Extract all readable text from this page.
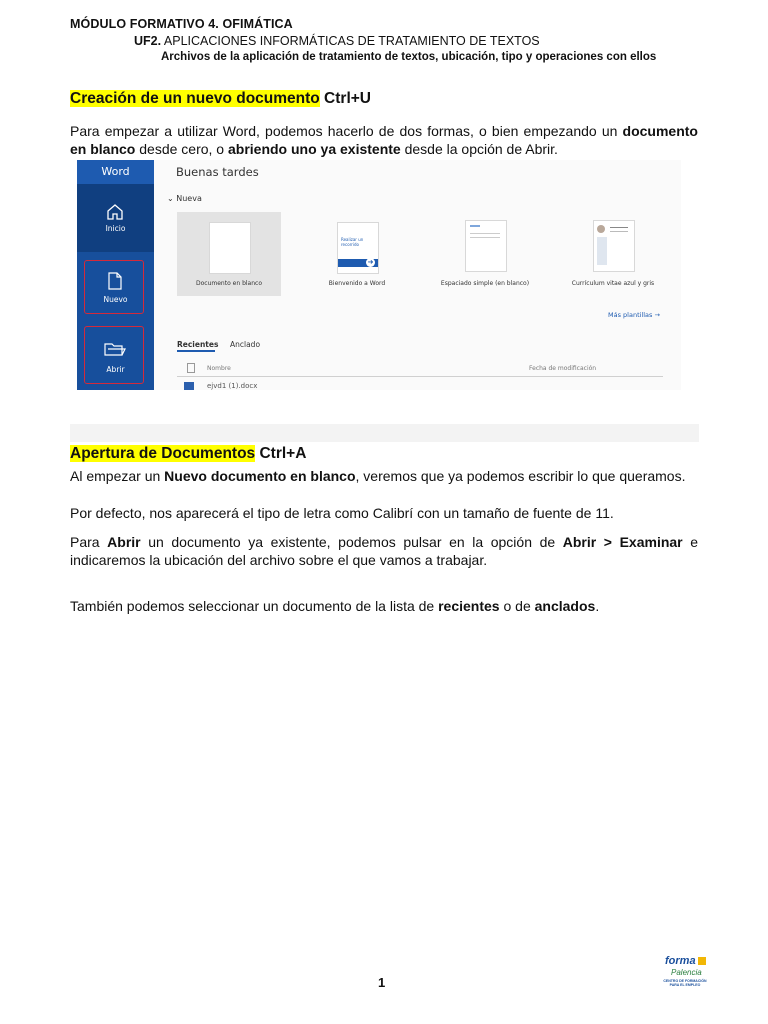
MÓDULO FORMATIVO 4. OFIMÁTICA
UF2. APLICACIONES INFORMÁTICAS DE TRATAMIENTO DE TEXTOS
Archivos de la aplicación de tratamiento de textos, ubicación, tipo y operaciones con ellos
Creación de un nuevo documento Ctrl+U
Para empezar a utilizar Word, podemos hacerlo de dos formas, o bien empezando un documento en blanco desde cero, o abriendo uno ya existente desde la opción de Abrir.
Word
Inicio
Nuevo
Abrir
Buenas tardes
⌄ Nueva
Documento en blanco
Realizar un recorrido
➜
Bienvenido a Word	Espaciado simple (en blanco)	Currículum vitae azul y gris
Más plantillas →
Recientes Anclado
Nombre	Fecha de modificación
ejvd1 (1).docx
Apertura de Documentos Ctrl+A
Al empezar un Nuevo documento en blanco, veremos que ya podemos escribir lo que queramos.
Por defecto, nos aparecerá el tipo de letra como Calibrí con un tamaño de fuente de 11.
Para Abrir un documento ya existente, podemos pulsar en la opción de Abrir > Examinar e indicaremos la ubicación del archivo sobre el que vamos a trabajar.
También podemos seleccionar un documento de la lista de recientes o de anclados.
1
forma
Palencia
CENTRO DE FORMACIÓN PARA EL EMPLEO
